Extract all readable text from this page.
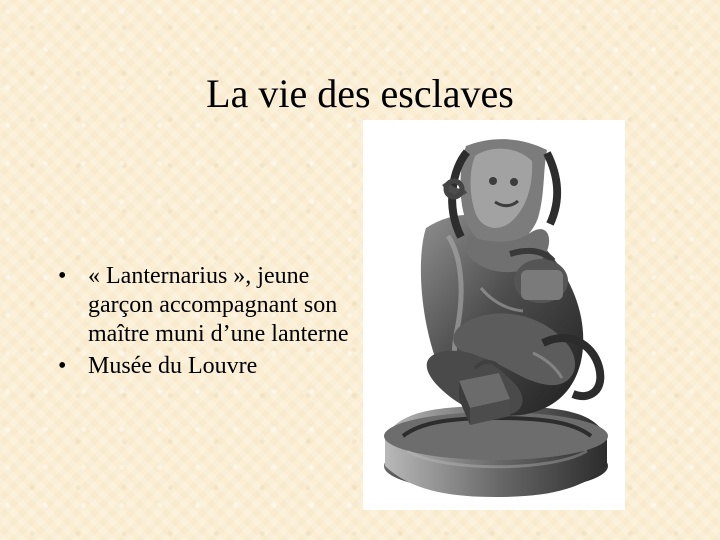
La vie des esclaves
• « Lanternarius », jeune garçon accompagnant son maître muni d’une lanterne
• Musée du Louvre
